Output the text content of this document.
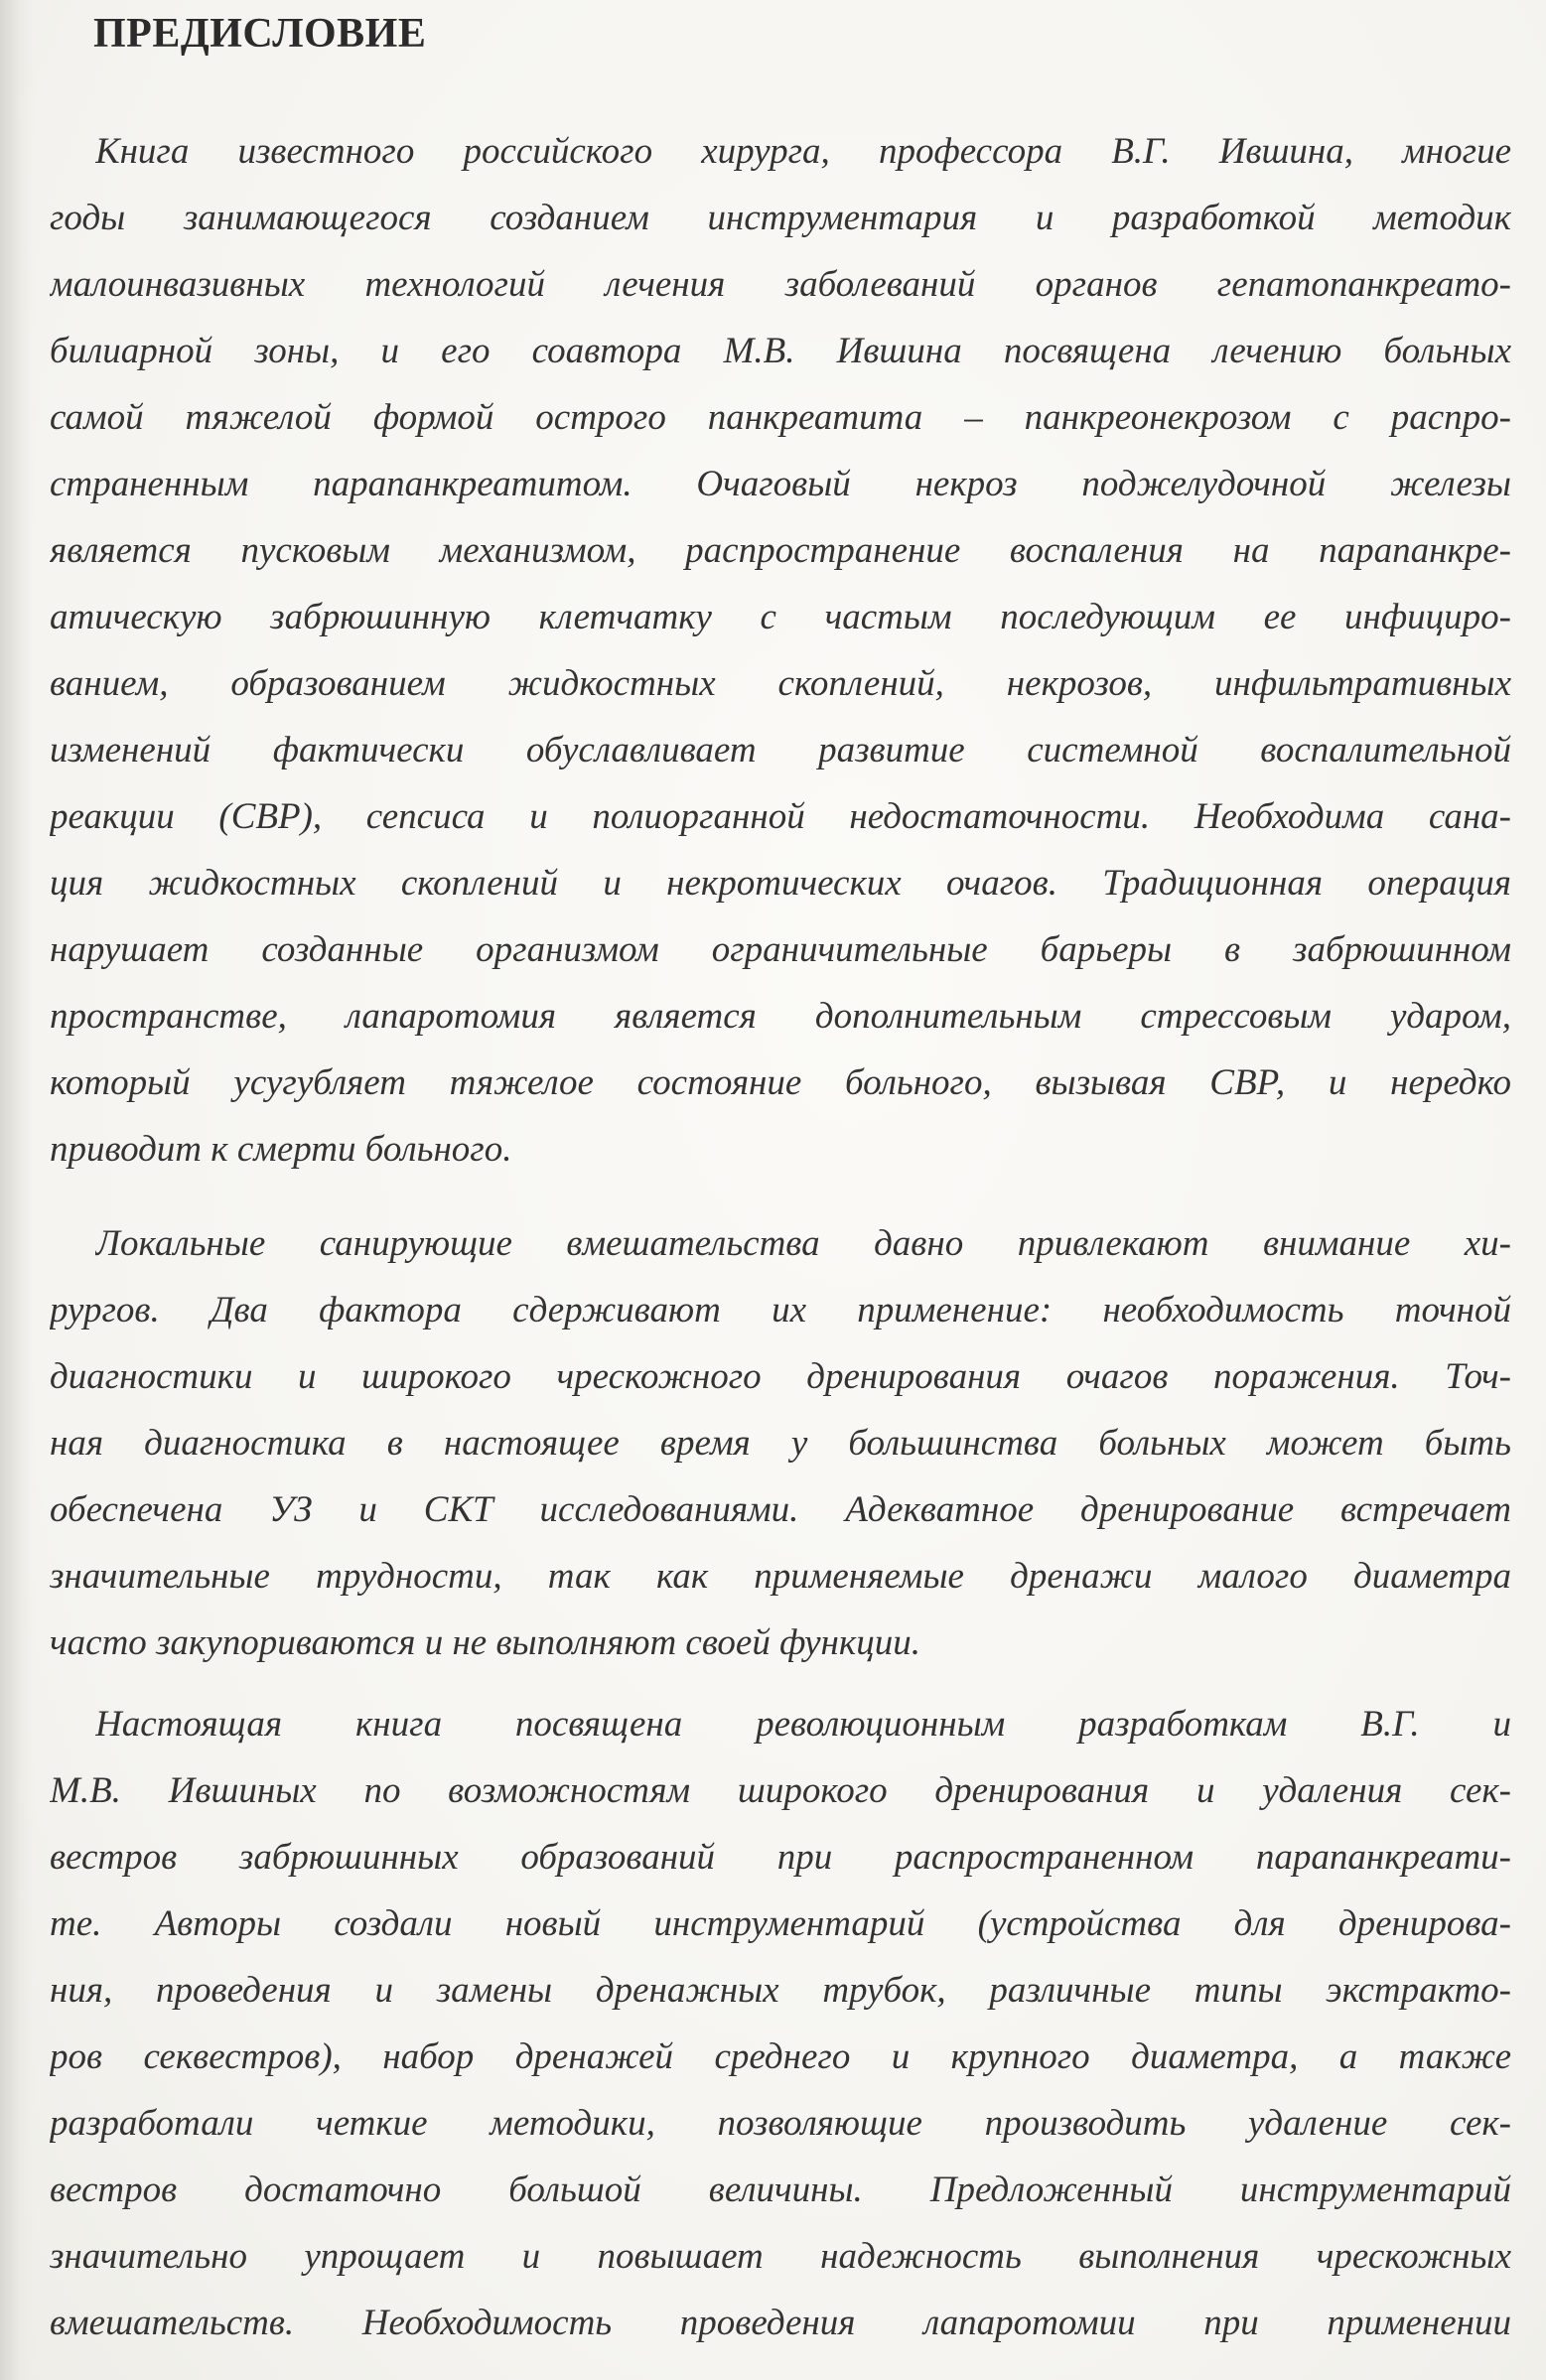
ПРЕДИСЛОВИЕ

Книга известного российского хирурга, профессора В.Г. Ившина, многие

годы занимающегося созданием инструментария и разработкой методик

малоинвазивных технологий лечения заболеваний органов гепатопанкреато-

билиарной зоны, и его соавтора М.В. Ившина посвящена лечению больных

самой тяжелой формой острого панкреатита – панкреонекрозом с распро-

страненным парапанкреатитом. Очаговый некроз поджелудочной железы

является пусковым механизмом, распространение воспаления на парапанкре-

атическую забрюшинную клетчатку с частым последующим ее инфициро-

ванием, образованием жидкостных скоплений, некрозов, инфильтративных

изменений фактически обуславливает развитие системной воспалительной

реакции (СВР), сепсиса и полиорганной недостаточности. Необходима сана-

ция жидкостных скоплений и некротических очагов. Традиционная операция

нарушает созданные организмом ограничительные барьеры в забрюшинном

пространстве, лапаротомия является дополнительным стрессовым ударом,

который усугубляет тяжелое состояние больного, вызывая СВР, и нередко

приводит к смерти больного.

Локальные санирующие вмешательства давно привлекают внимание хи-

рургов. Два фактора сдерживают их применение: необходимость точной

диагностики и широкого чрескожного дренирования очагов поражения. Точ-

ная диагностика в настоящее время у большинства больных может быть

обеспечена УЗ и СКТ исследованиями. Адекватное дренирование встречает

значительные трудности, так как применяемые дренажи малого диаметра

часто закупориваются и не выполняют своей функции.

Настоящая книга посвящена революционным разработкам В.Г. и

М.В. Ившиных по возможностям широкого дренирования и удаления сек-

вестров забрюшинных образований при распространенном парапанкреати-

те. Авторы создали новый инструментарий (устройства для дренирова-

ния, проведения и замены дренажных трубок, различные типы экстракто-

ров секвестров), набор дренажей среднего и крупного диаметра, а также

разработали четкие методики, позволяющие производить удаление сек-

вестров достаточно большой величины. Предложенный инструментарий

значительно упрощает и повышает надежность выполнения чрескожных

вмешательств. Необходимость проведения лапаротомии при применении
